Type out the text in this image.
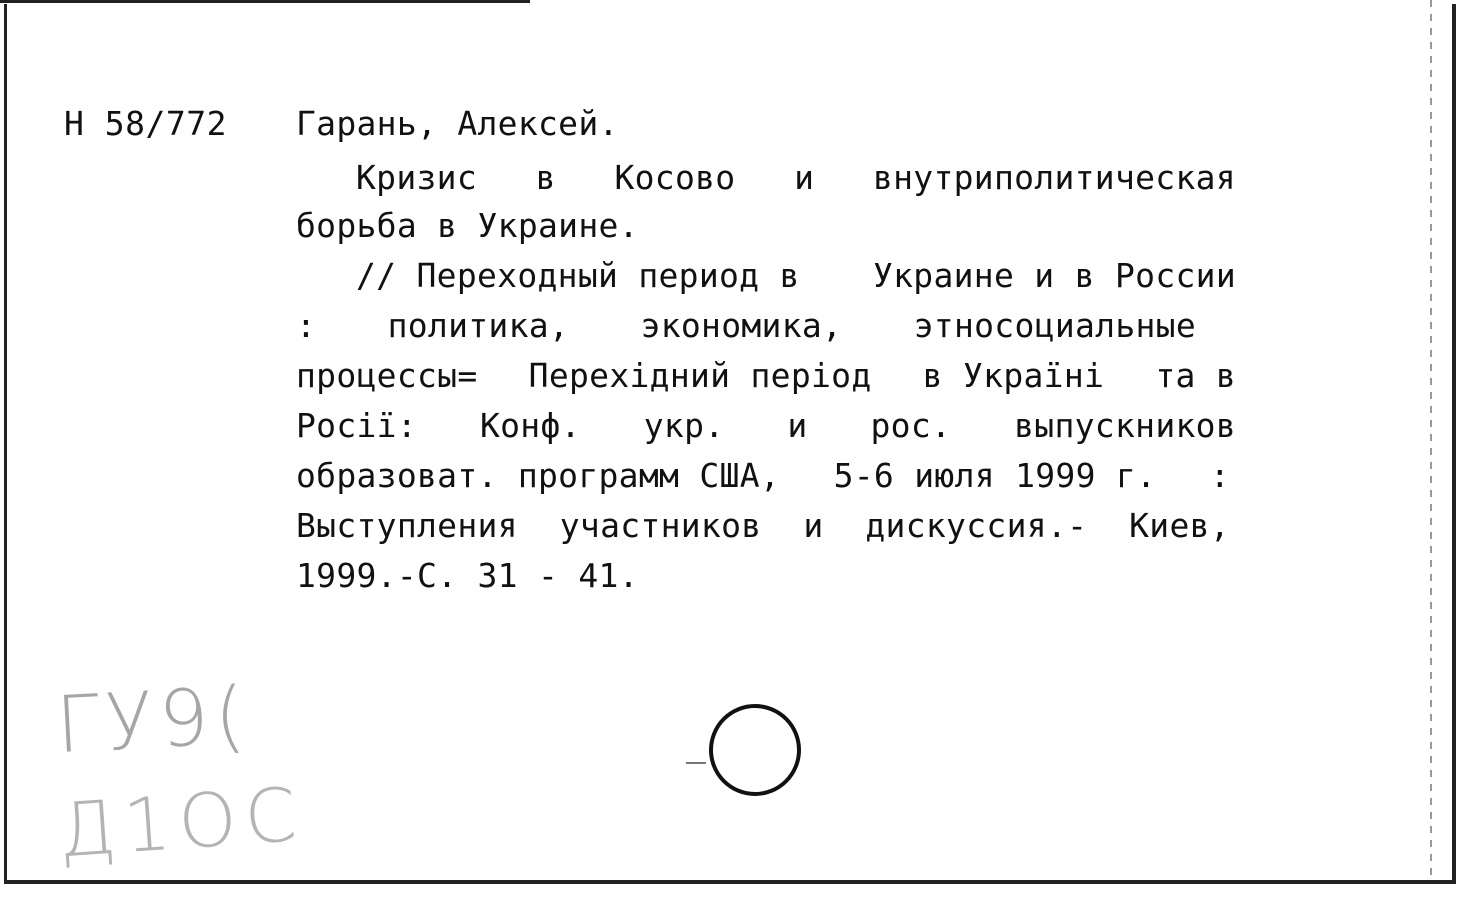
Н 58/772 Гарань, Алексей.
Кризис в Косово и внутриполитическая
борьба в Украине.
// Переходный период в Украине и в России
: политика, экономика, этносоциальные
процессы= Перехідний період в Україні та в
Росії: Конф. укр. и рос. выпускников
образоват. программ США, 5-6 июля 1999 г. :
Выступления участников и дискуссия.- Киев,
1999.-С. 31 - 41.
ГУ9(
Д1ОС
